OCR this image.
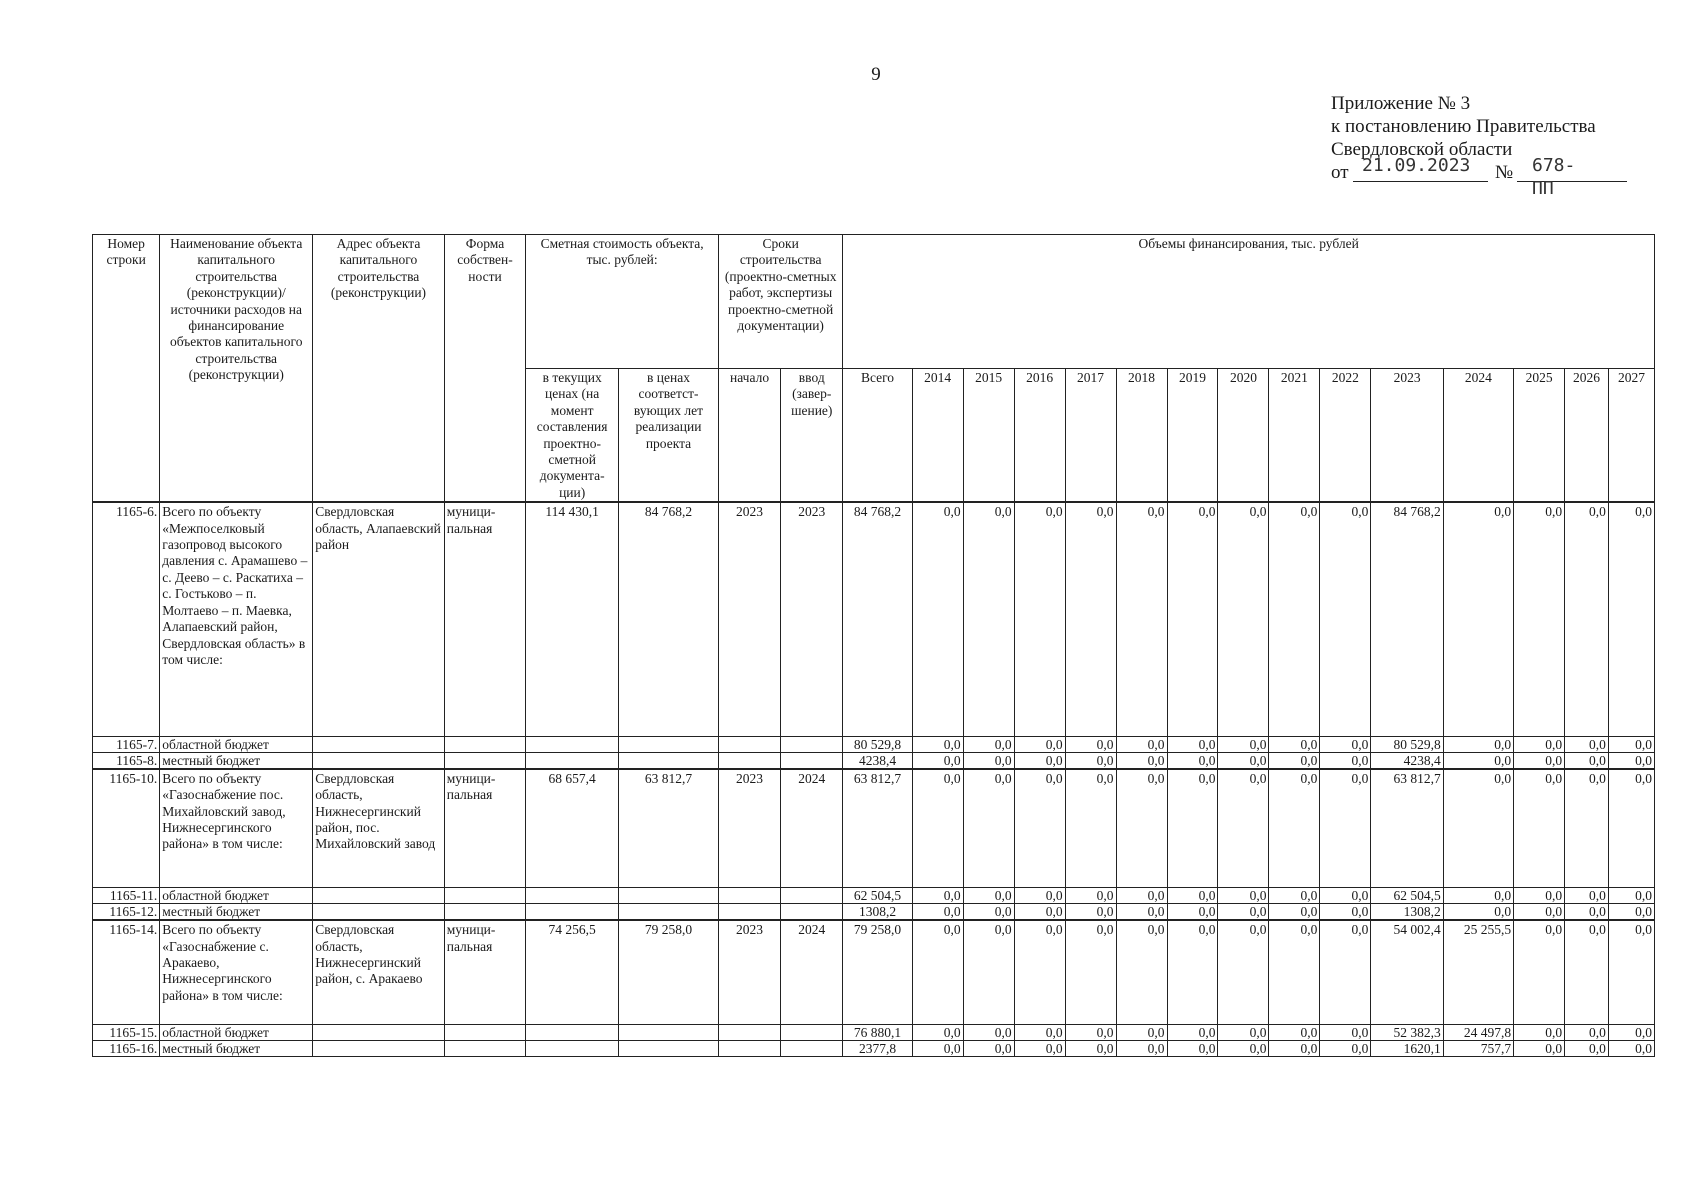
9
Приложение № 3
к постановлению Правительства
Свердловской области
от 21.09.2023 № 678-ПП
Номер строки	Наименование объекта капитального строительства (реконструкции)/ источники расходов на финансирование объектов капитального строительства (реконструкции)	Адрес объекта капитального строительства (реконструкции)	Форма собствен-ности	Сметная стоимость объекта, тыс. рублей:		Сроки строительства (проектно-сметных работ, экспертизы проектно-сметной документации)		Объемы финансирования, тыс. рублей														
				в текущих ценах (на момент составления проектно-сметной документа-ции)	в ценах соответст-вующих лет реализации проекта	начало	ввод (завер-шение)	Всего	2014	2015	2016	2017	2018	2019	2020	2021	2022	2023	2024	2025	2026	2027
1165-6.	Всего по объекту «Межпоселковый газопровод высокого давления с. Арамашево – с. Деево – с. Раскатиха – с. Гостьково – п. Молтаево – п. Маевка, Алапаевский район, Свердловская область» в том числе:	Свердловская область, Алапаевский район	муници-пальная	114 430,1	84 768,2	2023	2023	84 768,2	0,0	0,0	0,0	0,0	0,0	0,0	0,0	0,0	0,0	84 768,2	0,0	0,0	0,0	0,0
1165-7.	областной бюджет							80 529,8	0,0	0,0	0,0	0,0	0,0	0,0	0,0	0,0	0,0	80 529,8	0,0	0,0	0,0	0,0
1165-8.	местный бюджет							4238,4	0,0	0,0	0,0	0,0	0,0	0,0	0,0	0,0	0,0	4238,4	0,0	0,0	0,0	0,0
1165-10.	Всего по объекту «Газоснабжение пос. Михайловский завод, Нижнесергинского района» в том числе:	Свердловская область, Нижнесергинский район, пос. Михайловский завод	муници-пальная	68 657,4	63 812,7	2023	2024	63 812,7	0,0	0,0	0,0	0,0	0,0	0,0	0,0	0,0	0,0	63 812,7	0,0	0,0	0,0	0,0
1165-11.	областной бюджет							62 504,5	0,0	0,0	0,0	0,0	0,0	0,0	0,0	0,0	0,0	62 504,5	0,0	0,0	0,0	0,0
1165-12.	местный бюджет							1308,2	0,0	0,0	0,0	0,0	0,0	0,0	0,0	0,0	0,0	1308,2	0,0	0,0	0,0	0,0
1165-14.	Всего по объекту «Газоснабжение с. Аракаево, Нижнесергинского района» в том числе:	Свердловская область, Нижнесергинский район, с. Аракаево	муници-пальная	74 256,5	79 258,0	2023	2024	79 258,0	0,0	0,0	0,0	0,0	0,0	0,0	0,0	0,0	0,0	54 002,4	25 255,5	0,0	0,0	0,0
1165-15.	областной бюджет							76 880,1	0,0	0,0	0,0	0,0	0,0	0,0	0,0	0,0	0,0	52 382,3	24 497,8	0,0	0,0	0,0
1165-16.	местный бюджет							2377,8	0,0	0,0	0,0	0,0	0,0	0,0	0,0	0,0	0,0	1620,1	757,7	0,0	0,0	0,0
